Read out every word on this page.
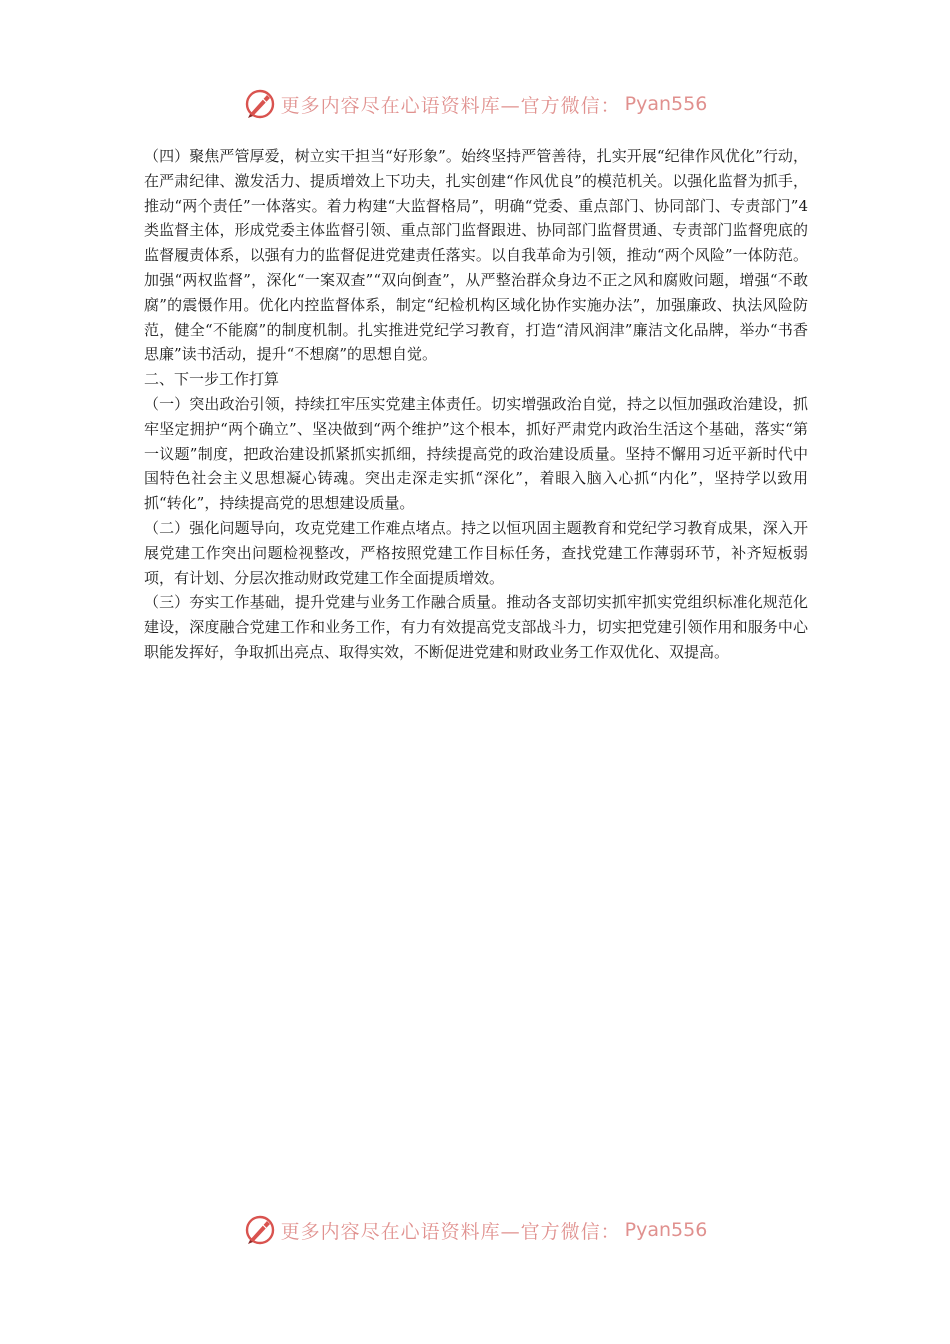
更多内容尽在心语资料库—官方微信： Pyan556

（四）聚焦严管厚爱，树立实干担当“好形象”。始终坚持严管善待，扎实开展“纪律作风优化”行动，在严肃纪律、激发活力、提质增效上下功夫，扎实创建“作风优良”的模范机关。以强化监督为抓手，推动“两个责任”一体落实。着力构建“大监督格局”，明确“党委、重点部门、协同部门、专责部门”4类监督主体，形成党委主体监督引领、重点部门监督跟进、协同部门监督贯通、专责部门监督兜底的监督履责体系，以强有力的监督促进党建责任落实。以自我革命为引领，推动“两个风险”一体防范。加强“两权监督”，深化“一案双查”“双向倒查”，从严整治群众身边不正之风和腐败问题，增强“不敢腐”的震慑作用。优化内控监督体系，制定“纪检机构区域化协作实施办法”，加强廉政、执法风险防范，健全“不能腐”的制度机制。扎实推进党纪学习教育，打造“清风润津”廉洁文化品牌，举办“书香思廉”读书活动，提升“不想腐”的思想自觉。

二、下一步工作打算

（一）突出政治引领，持续扛牢压实党建主体责任。切实增强政治自觉，持之以恒加强政治建设，抓牢坚定拥护“两个确立”、坚决做到“两个维护”这个根本，抓好严肃党内政治生活这个基础，落实“第一议题”制度，把政治建设抓紧抓实抓细，持续提高党的政治建设质量。坚持不懈用习近平新时代中国特色社会主义思想凝心铸魂。突出走深走实抓“深化”，着眼入脑入心抓“内化”，坚持学以致用抓“转化”，持续提高党的思想建设质量。

（二）强化问题导向，攻克党建工作难点堵点。持之以恒巩固主题教育和党纪学习教育成果，深入开展党建工作突出问题检视整改，严格按照党建工作目标任务，查找党建工作薄弱环节，补齐短板弱项，有计划、分层次推动财政党建工作全面提质增效。

（三）夯实工作基础，提升党建与业务工作融合质量。推动各支部切实抓牢抓实党组织标准化规范化建设，深度融合党建工作和业务工作，有力有效提高党支部战斗力，切实把党建引领作用和服务中心职能发挥好，争取抓出亮点、取得实效，不断促进党建和财政业务工作双优化、双提高。

更多内容尽在心语资料库—官方微信： Pyan556
